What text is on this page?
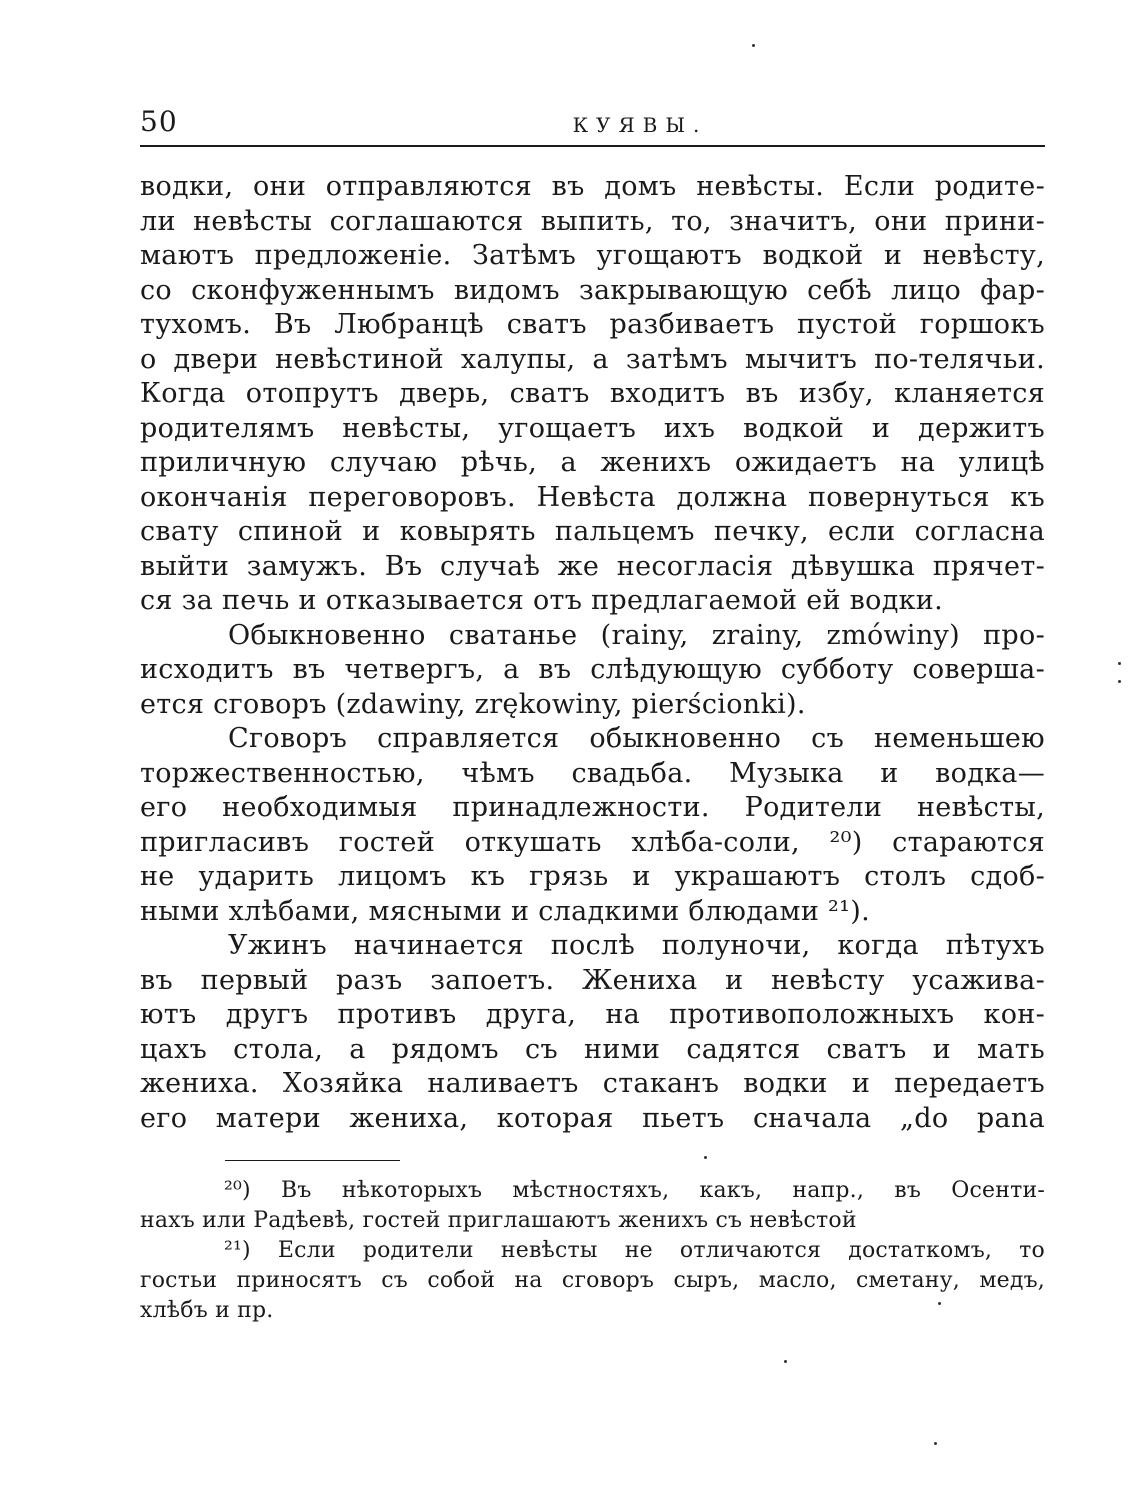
50	КУЯВЫ.
водки, они отправляются въ домъ невѣсты. Если родите-
ли невѣсты соглашаются выпить, то, значитъ, они прини-
маютъ предложеніе. Затѣмъ угощаютъ водкой и невѣсту,
со сконфуженнымъ видомъ закрывающую себѣ лицо фар-
тухомъ. Въ Любранцѣ сватъ разбиваетъ пустой горшокъ
о двери невѣстиной халупы, а затѣмъ мычитъ по-телячьи.
Когда отопрутъ дверь, сватъ входитъ въ избу, кланяется
родителямъ невѣсты, угощаетъ ихъ водкой и держитъ
приличную случаю рѣчь, а женихъ ожидаетъ на улицѣ
окончанія переговоровъ. Невѣста должна повернуться къ
свату спиной и ковырять пальцемъ печку, если согласна
выйти замужъ. Въ случаѣ же несогласія дѣвушка прячет-
ся за печь и отказывается отъ предлагаемой ей водки.
Обыкновенно сватанье (rainy, zrainy, zmówiny) про-
исходитъ въ четвергъ, а въ слѣдующую субботу соверша-
ется сговоръ (zdawiny, zrękowiny, pierścionki).
Сговоръ справляется обыкновенно съ неменьшею
торжественностью, чѣмъ свадьба. Музыка и водка—
его необходимыя принадлежности. Родители невѣсты,
пригласивъ гостей откушать хлѣба-соли, ²⁰) стараются
не ударить лицомъ къ грязь и украшаютъ столъ сдоб-
ными хлѣбами, мясными и сладкими блюдами ²¹).
Ужинъ начинается послѣ полуночи, когда пѣтухъ
въ первый разъ запоетъ. Жениха и невѣсту усажива-
ютъ другъ противъ друга, на противоположныхъ кон-
цахъ стола, а рядомъ съ ними садятся сватъ и мать
жениха. Хозяйка наливаетъ стаканъ водки и передаетъ
его матери жениха, которая пьетъ сначала „do pana
²⁰) Въ нѣкоторыхъ мѣстностяхъ, какъ, напр., въ Осенти-
нахъ или Радѣевѣ, гостей приглашаютъ женихъ съ невѣстой
²¹) Если родители невѣсты не отличаются достаткомъ, то
гостьи приносятъ съ собой на сговоръ сыръ, масло, сметану, медъ,
хлѣбъ и пр.
